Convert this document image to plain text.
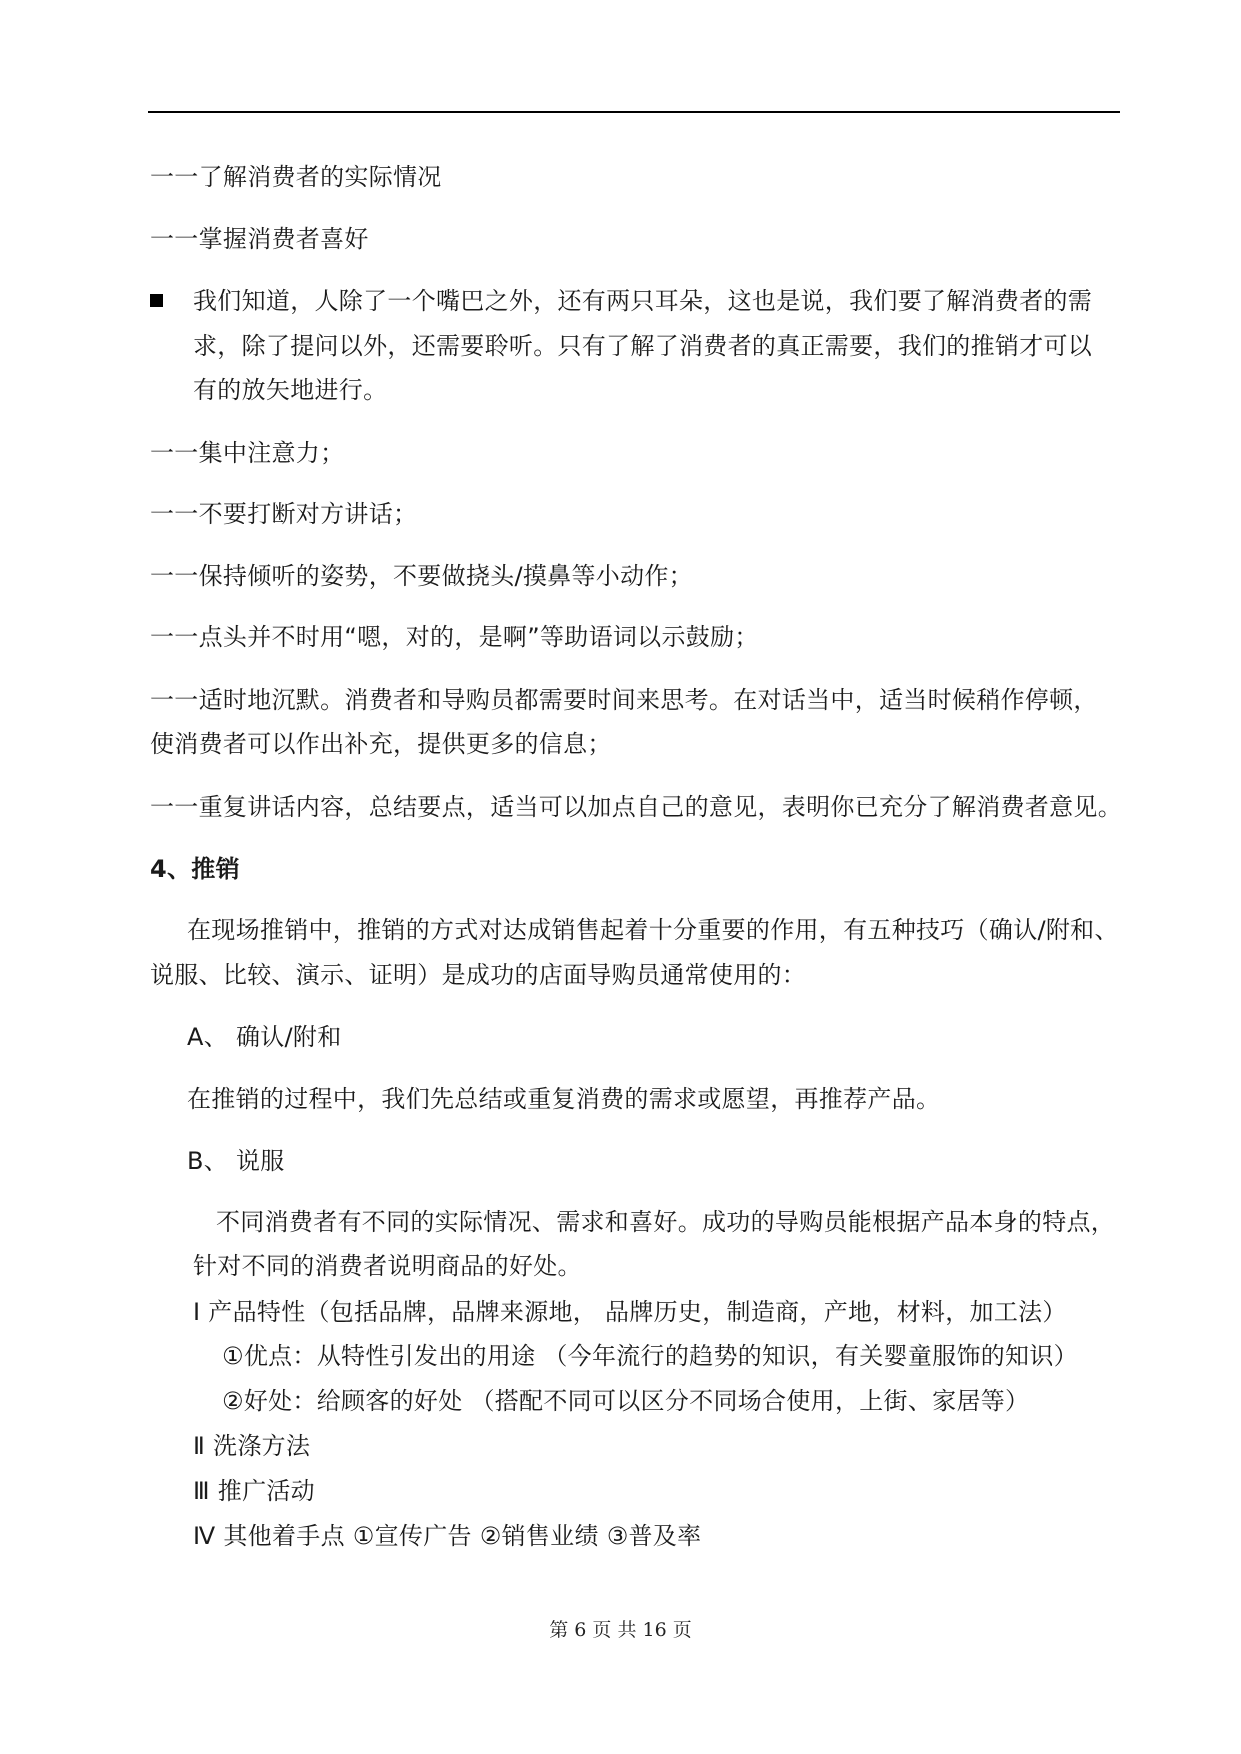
一一了解消费者的实际情况
一一掌握消费者喜好
我们知道，人除了一个嘴巴之外，还有两只耳朵，这也是说，我们要了解消费者的需
求，除了提问以外，还需要聆听。只有了解了消费者的真正需要，我们的推销才可以
有的放矢地进行。
一一集中注意力；
一一不要打断对方讲话；
一一保持倾听的姿势，不要做挠头/摸鼻等小动作；
一一点头并不时用“嗯，对的，是啊”等助语词以示鼓励；
一一适时地沉默。消费者和导购员都需要时间来思考。在对话当中，适当时候稍作停顿，
使消费者可以作出补充，提供更多的信息；
一一重复讲话内容，总结要点，适当可以加点自己的意见，表明你已充分了解消费者意见。
4、推销
在现场推销中，推销的方式对达成销售起着十分重要的作用，有五种技巧（确认/附和、
说服、比较、演示、证明）是成功的店面导购员通常使用的：
A、 确认/附和
在推销的过程中，我们先总结或重复消费的需求或愿望，再推荐产品。
B、 说服
不同消费者有不同的实际情况、需求和喜好。成功的导购员能根据产品本身的特点，
针对不同的消费者说明商品的好处。
Ⅰ 产品特性（包括品牌，品牌来源地， 品牌历史，制造商，产地，材料，加工法）
①优点：从特性引发出的用途 （今年流行的趋势的知识，有关婴童服饰的知识）
②好处：给顾客的好处 （搭配不同可以区分不同场合使用，上街、家居等）
Ⅱ 洗涤方法
Ⅲ 推广活动
Ⅳ 其他着手点 ①宣传广告 ②销售业绩 ③普及率
第 6 页 共 16 页
